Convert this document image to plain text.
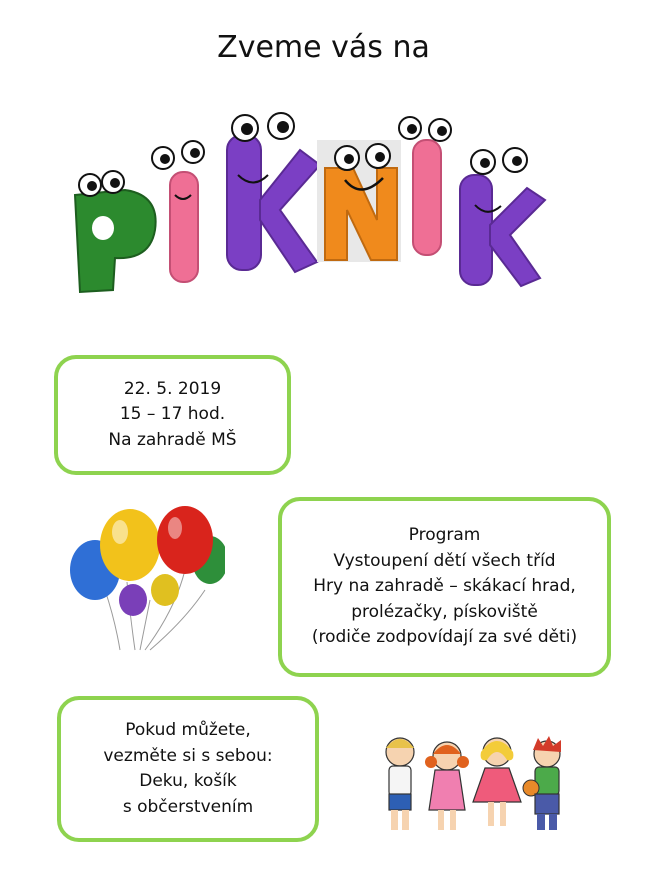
Zveme vás na
22. 5. 2019
15 – 17 hod.
Na zahradě MŠ
Program
Vystoupení dětí všech tříd
Hry na zahradě – skákací hrad,
prolézačky, pískoviště
(rodiče zodpovídají za své děti)
Pokud můžete,
vezměte si s sebou:
Deku, košík
s občerstvením
